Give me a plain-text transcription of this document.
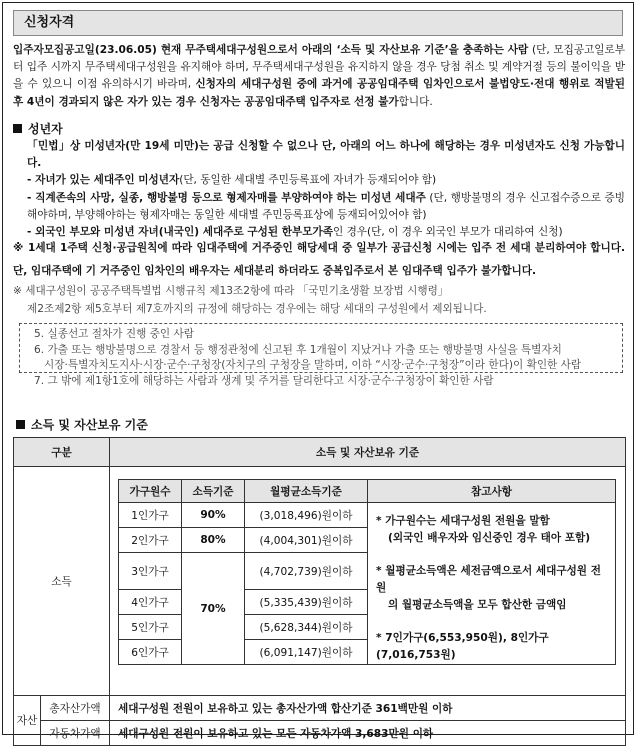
신청자격
입주자모집공고일(23.06.05) 현재 무주택세대구성원으로서 아래의 ‘소득 및 자산보유 기준’을 충족하는 사람 (단, 모집공고일로부터 입주 시까지 무주택세대구성원을 유지해야 하며, 무주택세대구성원을 유지하지 않을 경우 당첨 취소 및 계약거절 등의 불이익을 받을 수 있으니 이점 유의하시기 바라며, 신청자의 세대구성원 중에 과거에 공공임대주택 임차인으로서 불법양도·전대 행위로 적발된 후 4년이 경과되지 않은 자가 있는 경우 신청자는 공공임대주택 입주자로 선정 불가합니다.
성년자

「민법」상 미성년자(만 19세 미만)는 공급 신청할 수 없으나 단, 아래의 어느 하나에 해당하는 경우 미성년자도 신청 가능합니다.

- 자녀가 있는 세대주인 미성년자(단, 동일한 세대별 주민등록표에 자녀가 등재되어야 함)

- 직계존속의 사망, 실종, 행방불명 등으로 형제자매를 부양하여야 하는 미성년 세대주 (단, 행방불명의 경우 신고접수증으로 증빙해야하며, 부양해야하는 형제자매는 동일한 세대별 주민등록표상에 등재되어있어야 함)

- 외국인 부모와 미성년 자녀(내국인) 세대주로 구성된 한부모가족인 경우(단, 이 경우 외국인 부모가 대리하여 신청)

※ 1세대 1주택 신청·공급원칙에 따라 임대주택에 거주중인 해당세대 중 일부가 공급신청 시에는 입주 전 세대 분리하여야 합니다. 단, 임대주택에 기 거주중인 임차인의 배우자는 세대분리 하더라도 중복입주로서 본 임대주택 입주가 불가합니다.
※ 세대구성원이 공공주택특별법 시행규칙 제13조2항에 따라 「국민기초생활 보장법 시행령」
제2조제2항 제5호부터 제7호까지의 규정에 해당하는 경우에는 해당 세대의 구성원에서 제외됩니다.
5. 실종선고 절차가 진행 중인 사람
6. 가출 또는 행방불명으로 경찰서 등 행정관청에 신고된 후 1개월이 지났거나 가출 또는 행방불명 사실을 특별자치
시장·특별자치도지사·시장·군수·구청장(자치구의 구청장을 말하며, 이하 “시장·군수·구청장”이라 한다)이 확인한 사람
7. 그 밖에 제1항1호에 해당하는 사람과 생계 및 주거를 달리한다고 시장·군수·구청장이 확인한 사람
소득 및 자산보유 기준
구분	소득 및 자산보유 기준
소득	
가구원수	소득기준	월평균소득기준	참고사항
1인가구	90%	(3,018,496)원이하	* 가구원수는 세대구성원 전원을 말함

(외국인 배우자와 임신중인 경우 태아 포함)

* 월평균소득액은 세전금액으로서 세대구성원 전원

의 월평균소득액을 모두 합산한 금액임

* 7인가구(6,553,950원), 8인가구(7,016,753원)

2인가구	80%	(4,004,301)원이하
3인가구	70%	(4,702,739)원이하
4인가구	(5,335,439)원이하
5인가구	(5,628,344)원이하
6인가구	(6,091,147)원이하

자산	총자산가액	세대구성원 전원이 보유하고 있는 총자산가액 합산기준 361백만원 이하
자동차가액	세대구성원 전원이 보유하고 있는 모든 자동차가액 3,683만원 이하
